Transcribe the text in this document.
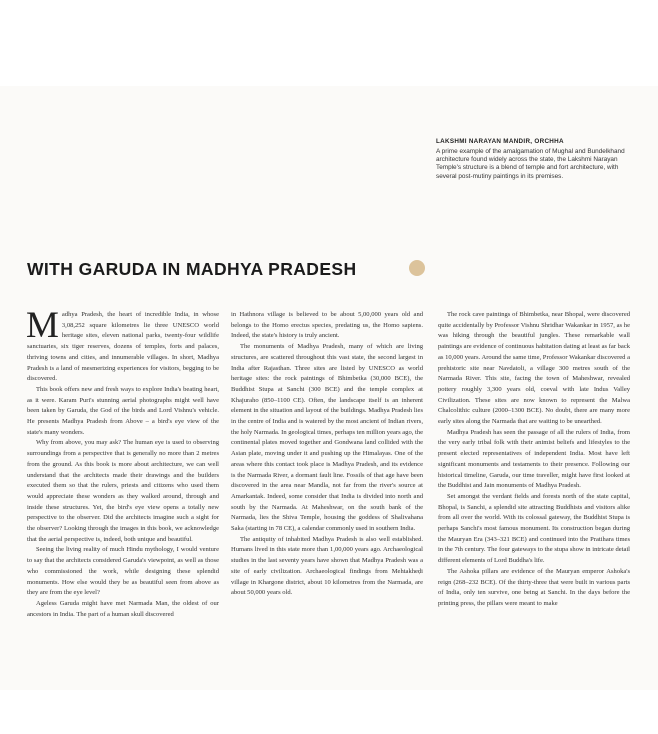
LAKSHMI NARAYAN MANDIR, ORCHHA
A prime example of the amalgamation of Mughal and Bundelkhand architecture found widely across the state, the Lakshmi Narayan Temple's structure is a blend of temple and fort architecture, with several post-mutiny paintings in its premises.
WITH GARUDA IN MADHYA PRADESH

Madhya Pradesh, the heart of incredible India, in whose 3,08,252 square kilometres lie three UNESCO world heritage sites, eleven national parks, twenty-four wildlife sanctuaries, six tiger reserves, dozens of temples, forts and palaces, thriving towns and cities, and innumerable villages. In short, Madhya Pradesh is a land of mesmerizing experiences for visitors, begging to be discovered.

This book offers new and fresh ways to explore India's beating heart, as it were. Karam Puri's stunning aerial photographs might well have been taken by Garuda, the God of the birds and Lord Vishnu's vehicle. He presents Madhya Pradesh from Above – a bird's eye view of the state's many wonders.

Why from above, you may ask? The human eye is used to observing surroundings from a perspective that is generally no more than 2 metres from the ground. As this book is more about architecture, we can well understand that the architects made their drawings and the builders executed them so that the rulers, priests and citizens who used them would appreciate these wonders as they walked around, through and inside these structures. Yet, the bird's eye view opens a totally new perspective to the observer. Did the architects imagine such a sight for the observer? Looking through the images in this book, we acknowledge that the aerial perspective is, indeed, both unique and beautiful.

Seeing the living reality of much Hindu mythology, I would venture to say that the architects considered Garuda's viewpoint, as well as those who commissioned the work, while designing these splendid monuments. How else would they be as beautiful seen from above as they are from the eye level?

Ageless Garuda might have met Narmada Man, the oldest of our ancestors in India. The part of a human skull discovered

in Hathnora village is believed to be about 5,00,000 years old and belongs to the Homo erectus species, predating us, the Homo sapiens. Indeed, the state's history is truly ancient.

The monuments of Madhya Pradesh, many of which are living structures, are scattered throughout this vast state, the second largest in India after Rajasthan. Three sites are listed by UNESCO as world heritage sites: the rock paintings of Bhimbetka (30,000 BCE), the Buddhist Stupa at Sanchi (300 BCE) and the temple complex at Khajuraho (850–1100 CE). Often, the landscape itself is an inherent element in the situation and layout of the buildings. Madhya Pradesh lies in the centre of India and is watered by the most ancient of Indian rivers, the holy Narmada. In geological times, perhaps ten million years ago, the continental plates moved together and Gondwana land collided with the Asian plate, moving under it and pushing up the Himalayas. One of the areas where this contact took place is Madhya Pradesh, and its evidence is the Narmada River, a dormant fault line. Fossils of that age have been discovered in the area near Mandla, not far from the river's source at Amarkantak. Indeed, some consider that India is divided into north and south by the Narmada. At Maheshwar, on the south bank of the Narmada, lies the Shiva Temple, housing the goddess of Shalivahana Saka (starting in 78 CE), a calendar commonly used in southern India.

The antiquity of inhabited Madhya Pradesh is also well established. Humans lived in this state more than 1,00,000 years ago. Archaeological studies in the last seventy years have shown that Madhya Pradesh was a site of early civilization. Archaeological findings from Mehtakheḍi village in Khargone district, about 10 kilometres from the Narmada, are about 50,000 years old.

The rock cave paintings of Bhimbetka, near Bhopal, were discovered quite accidentally by Professor Vishnu Shridhar Wakankar in 1957, as he was hiking through the beautiful jungles. These remarkable wall paintings are evidence of continuous habitation dating at least as far back as 10,000 years. Around the same time, Professor Wakankar discovered a prehistoric site near Navdatoli, a village 300 metres south of the Narmada River. This site, facing the town of Maheshwar, revealed pottery roughly 3,300 years old, coeval with late Indus Valley Civilization. These sites are now known to represent the Malwa Chalcolithic culture (2000–1300 BCE). No doubt, there are many more early sites along the Narmada that are waiting to be unearthed.

Madhya Pradesh has seen the passage of all the rulers of India, from the very early tribal folk with their animist beliefs and lifestyles to the present elected representatives of independent India. Most have left significant monuments and testaments to their presence. Following our historical timeline, Garuda, our time traveller, might have first looked at the Buddhist and Jain monuments of Madhya Pradesh.

Set amongst the verdant fields and forests north of the state capital, Bhopal, is Sanchi, a splendid site attracting Buddhists and visitors alike from all over the world. With its colossal gateway, the Buddhist Stupa is perhaps Sanchi's most famous monument. Its construction began during the Mauryan Era (343–321 BCE) and continued into the Pratihara times in the 7th century. The four gateways to the stupa show in intricate detail different elements of Lord Buddha's life.

The Ashoka pillars are evidence of the Mauryan emperor Ashoka's reign (268–232 BCE). Of the thirty-three that were built in various parts of India, only ten survive, one being at Sanchi. In the days before the printing press, the pillars were meant to make
